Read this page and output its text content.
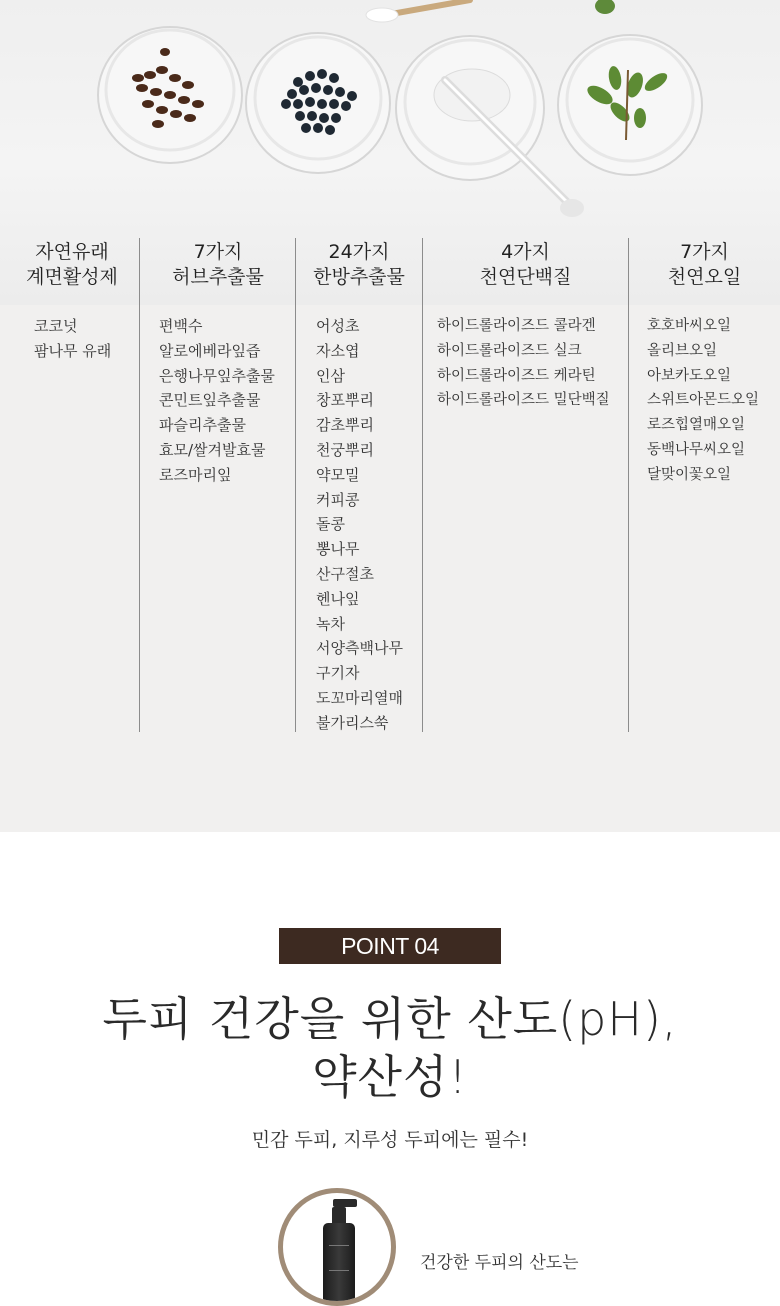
자연유래
계면활성제
코코넛
팜나무 유래
7가지
허브추출물
편백수
알로에베라잎즙
은행나무잎추출물
콘민트잎추출물
파슬리추출물
효모/쌀겨발효물
로즈마리잎
24가지
한방추출물
어성초
자소엽
인삼
창포뿌리
감초뿌리
천궁뿌리
약모밀
커피콩
돌콩
뽕나무
산구절초
헨나잎
녹차
서양측백나무
구기자
도꼬마리열매
불가리스쑥
4가지
천연단백질
하이드롤라이즈드 콜라겐
하이드롤라이즈드 실크
하이드롤라이즈드 케라틴
하이드롤라이즈드 밀단백질
7가지
천연오일
호호바씨오일
올리브오일
아보카도오일
스위트아몬드오일
로즈힙열매오일
동백나무씨오일
달맞이꽃오일
POINT 04
두피 건강을 위한 산도(pH),
약산성!
민감 두피, 지루성 두피에는 필수!
건강한 두피의 산도는
